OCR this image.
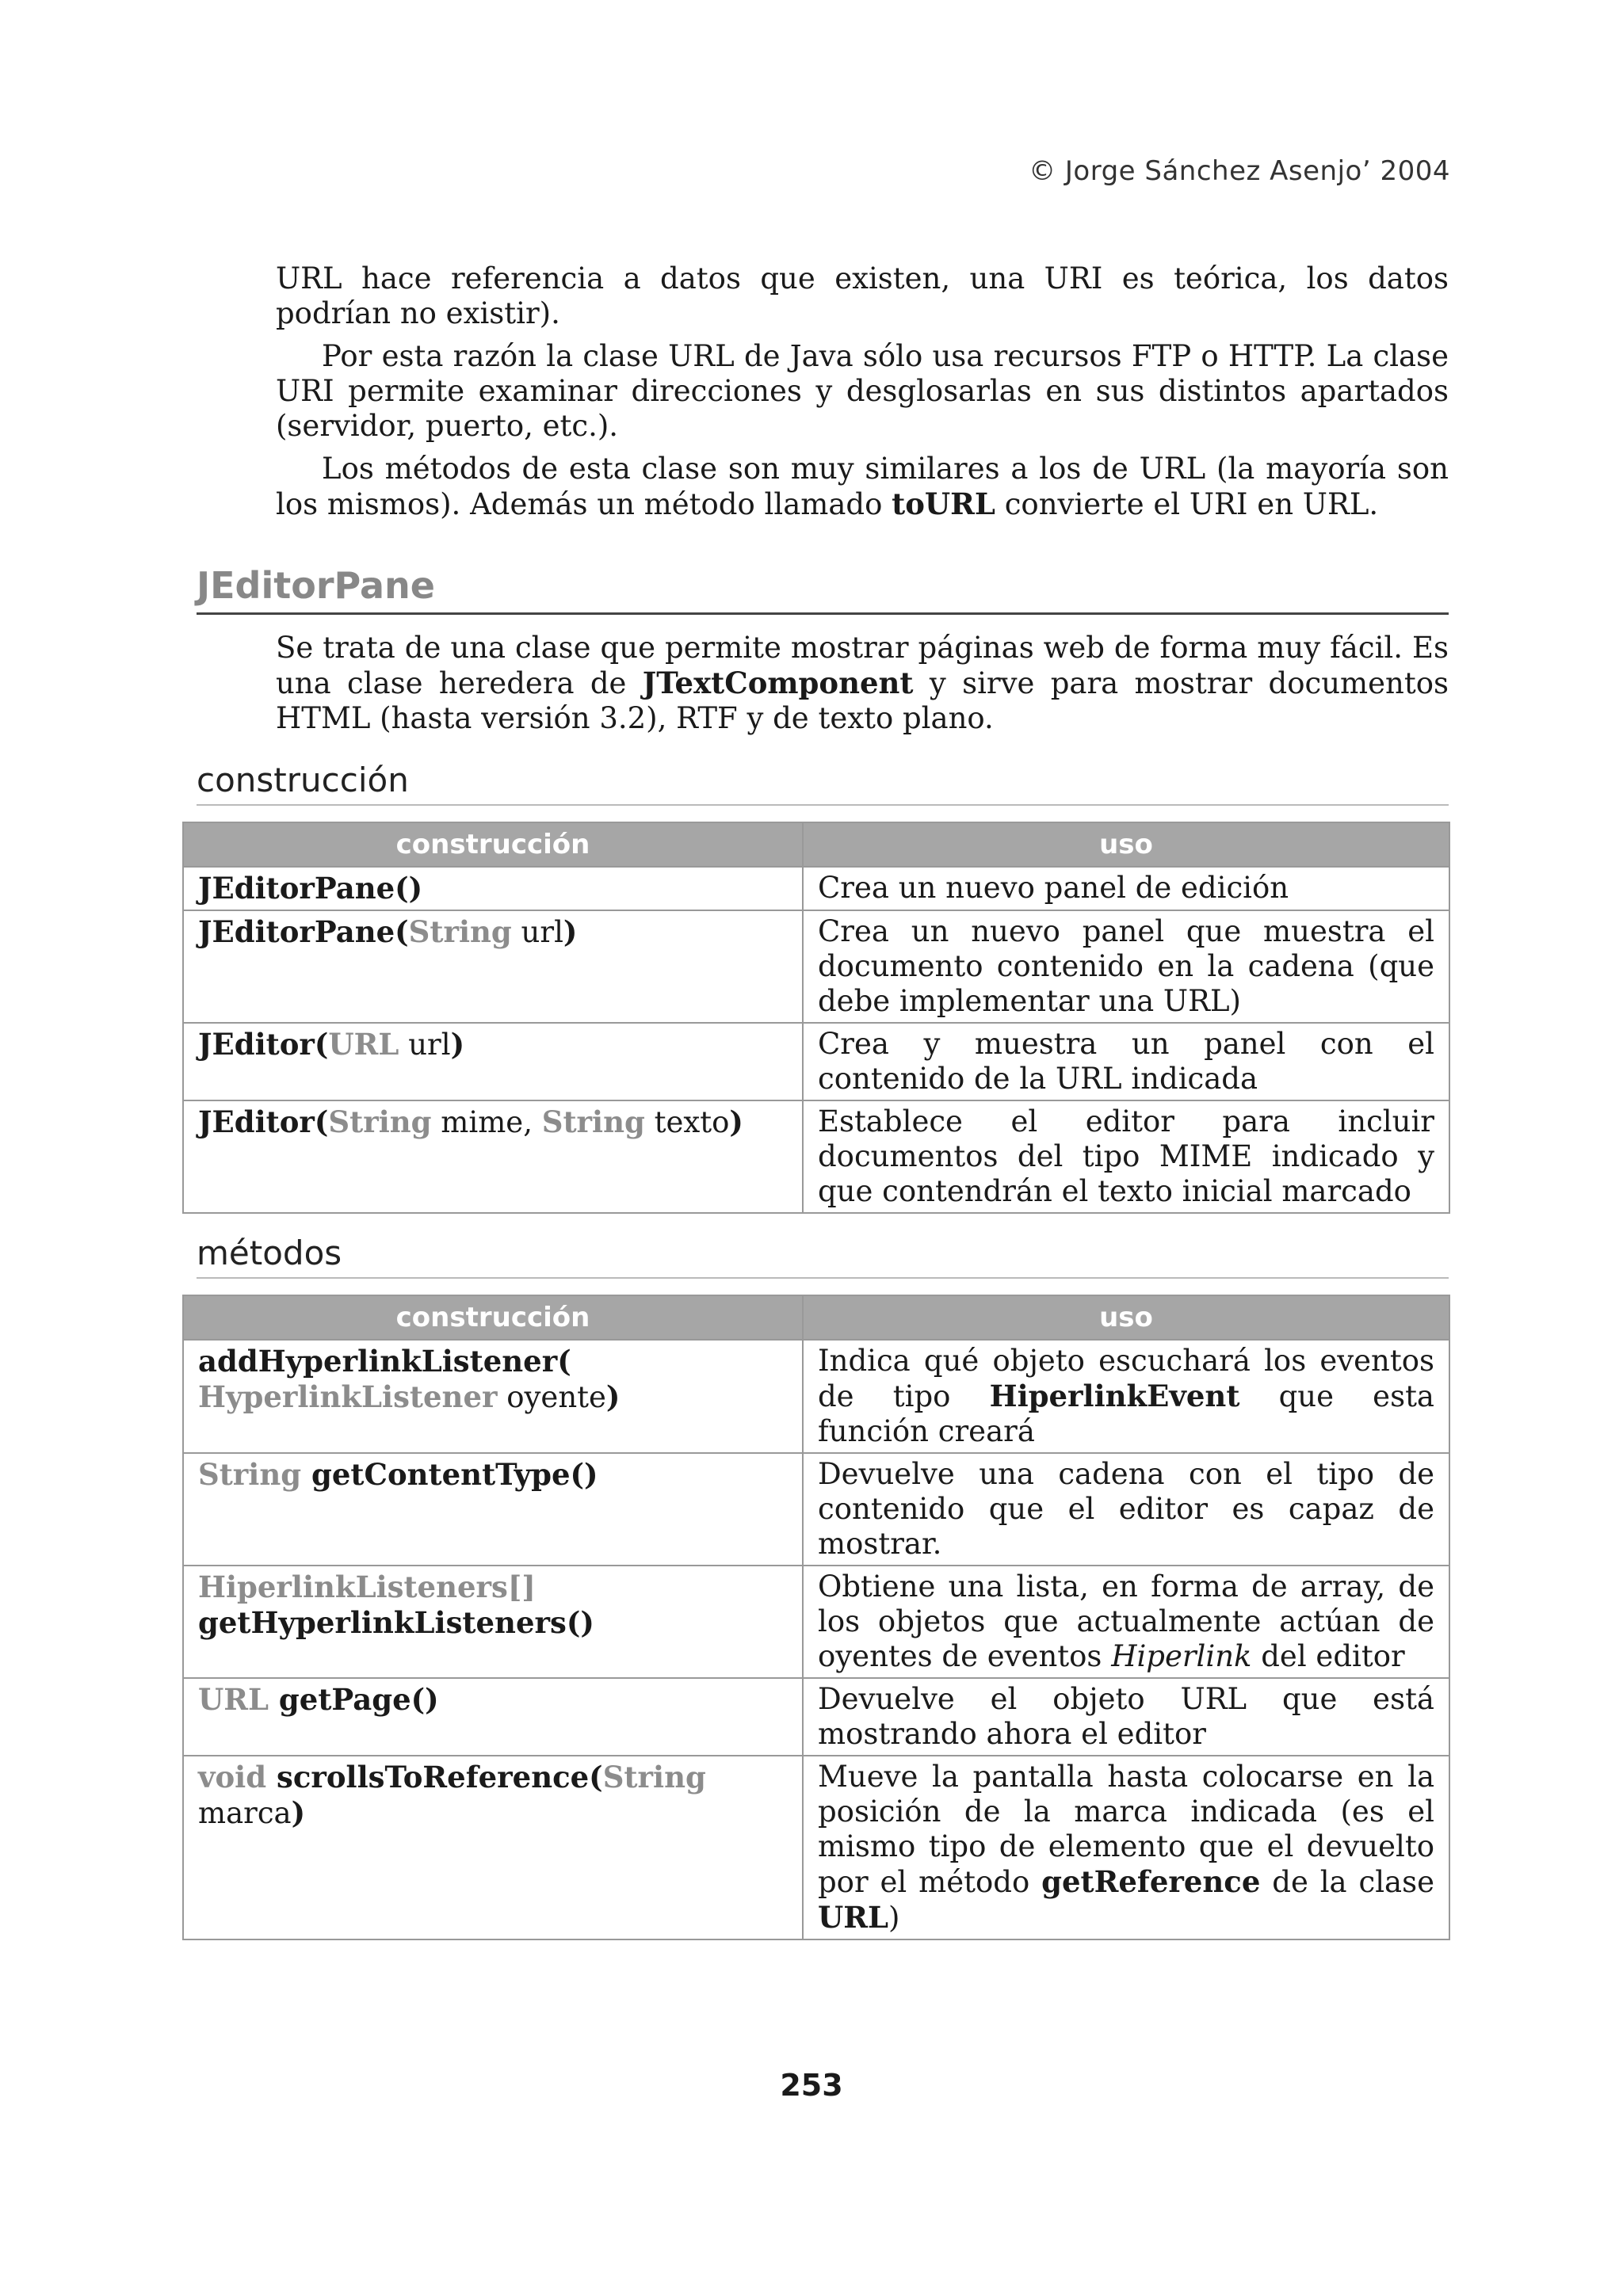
© Jorge Sánchez Asenjo’ 2004

URL hace referencia a datos que existen, una URI es teórica, los datos podrían no existir).

Por esta razón la clase URL de Java sólo usa recursos FTP o HTTP. La clase URI permite examinar direcciones y desglosarlas en sus distintos apartados (servidor, puerto, etc.).

Los métodos de esta clase son muy similares a los de URL (la mayoría son los mismos). Además un método llamado toURL convierte el URI en URL.

JEditorPane

Se trata de una clase que permite mostrar páginas web de forma muy fácil. Es una clase heredera de JTextComponent y sirve para mostrar documentos HTML (hasta versión 3.2), RTF y de texto plano.

construcción
construcción	uso
JEditorPane()	Crea un nuevo panel de edición
JEditorPane(String url)	Crea un nuevo panel que muestra el documento contenido en la cadena (que debe implementar una URL)
JEditor(URL url)	Crea y muestra un panel con el contenido de la URL indicada
JEditor(String mime, String texto)	Establece el editor para incluir documentos del tipo MIME indicado y que contendrán el texto inicial marcado
métodos
construcción	uso
addHyperlinkListener(
HyperlinkListener oyente)	Indica qué objeto escuchará los eventos de tipo HiperlinkEvent que esta función creará
String getContentType()	Devuelve una cadena con el tipo de contenido que el editor es capaz de mostrar.
HiperlinkListeners[]
getHyperlinkListeners()	Obtiene una lista, en forma de array, de los objetos que actualmente actúan de oyentes de eventos Hiperlink del editor
URL getPage()	Devuelve el objeto URL que está mostrando ahora el editor
void scrollsToReference(String marca)	Mueve la pantalla hasta colocarse en la posición de la marca indicada (es el mismo tipo de elemento que el devuelto por el método getReference de la clase URL)
253
